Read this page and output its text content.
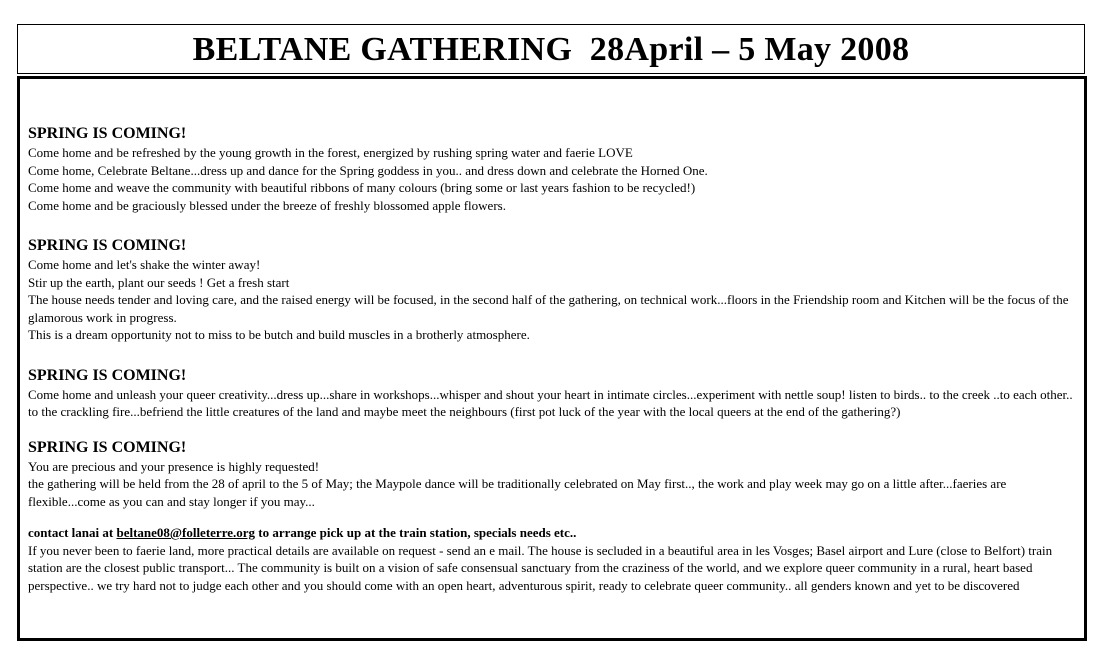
BELTANE GATHERING  28April – 5 May 2008
SPRING IS COMING!
Come home and be refreshed by the young growth in the forest, energized by rushing spring water and faerie LOVE
Come home, Celebrate Beltane...dress up and dance for the Spring goddess in you.. and dress down and celebrate the Horned One.
Come home and weave the community with beautiful ribbons of many colours (bring some or last years fashion to be recycled!)
Come home and be graciously blessed under the breeze of freshly blossomed apple flowers.
SPRING IS COMING!
Come home and let's shake the winter away!
Stir up the earth, plant our seeds ! Get a fresh start
The house needs tender and loving care, and the raised energy will be focused, in the second half of the gathering, on technical work...floors in the Friendship room and Kitchen will be the focus of the glamorous work in progress.
This is a dream opportunity not to miss to be butch and build muscles in a brotherly atmosphere.
SPRING IS COMING!
Come home and unleash your queer creativity...dress up...share in workshops...whisper and shout your heart in intimate circles...experiment with nettle soup! listen to birds.. to the creek ..to each other.. to the crackling fire...befriend the little creatures of the land and maybe meet the neighbours (first pot luck of the year with the local queers at the end of the gathering?)
SPRING IS COMING!
You are precious and your presence is highly requested!
the gathering will be held from the 28 of april to the 5 of May; the Maypole dance will be traditionally celebrated on May first.., the work and play week may go on a little after...faeries are flexible...come as you can and stay longer if you may...
contact lanai at beltane08@folleterre.org to arrange pick up at the train station, specials needs etc..
If you never been to faerie land, more practical details are available on request - send an e mail. The house is secluded in a beautiful area in les Vosges; Basel airport and Lure (close to Belfort) train station are the closest public transport... The community is built on a vision of safe consensual sanctuary from the craziness of the world, and we explore queer community in a rural, heart based perspective.. we try hard not to judge each other and you should come with an open heart, adventurous spirit, ready to celebrate queer community.. all genders known and yet to be discovered
